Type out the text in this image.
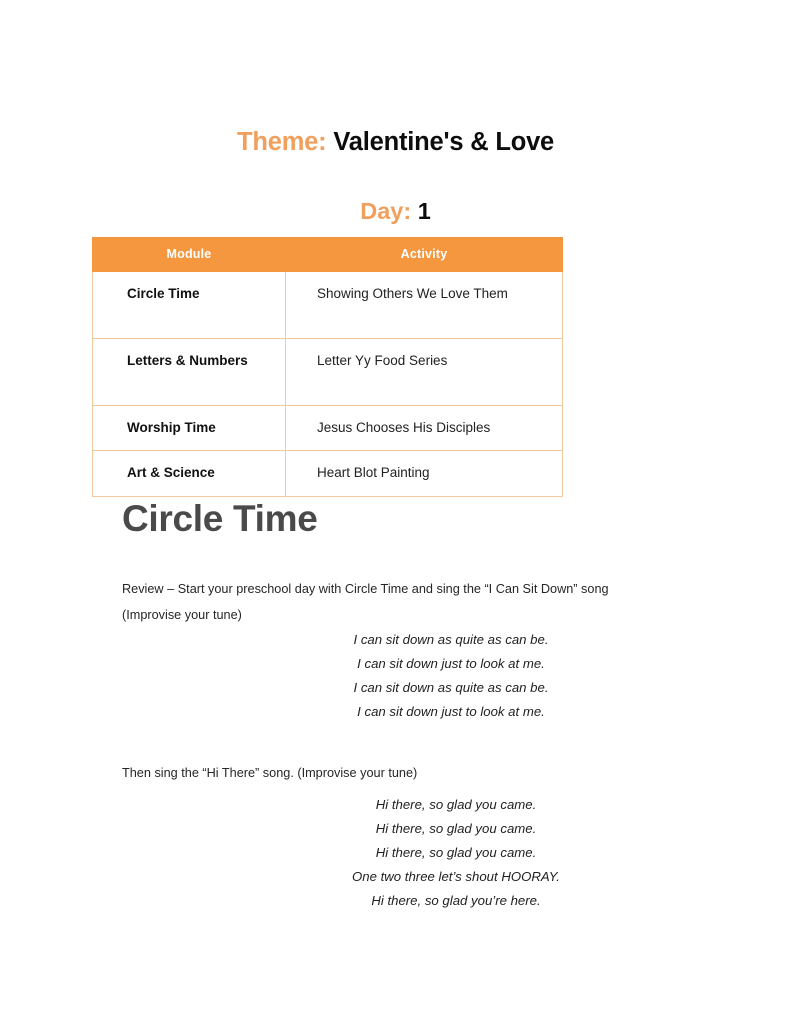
Theme: Valentine's & Love
Day: 1
Module	Activity
Circle Time	Showing Others We Love Them
Letters & Numbers	Letter Yy Food Series
Worship Time	Jesus Chooses His Disciples
Art & Science	Heart Blot Painting
Circle Time
Review – Start your preschool day with Circle Time and sing the “I Can Sit Down” song (Improvise your tune)
I can sit down as quite as can be.
I can sit down just to look at me.
I can sit down as quite as can be.
I can sit down just to look at me.
Then sing the “Hi There” song. (Improvise your tune)
Hi there, so glad you came.
Hi there, so glad you came.
Hi there, so glad you came.
One two three let’s shout HOORAY.
Hi there, so glad you’re here.
